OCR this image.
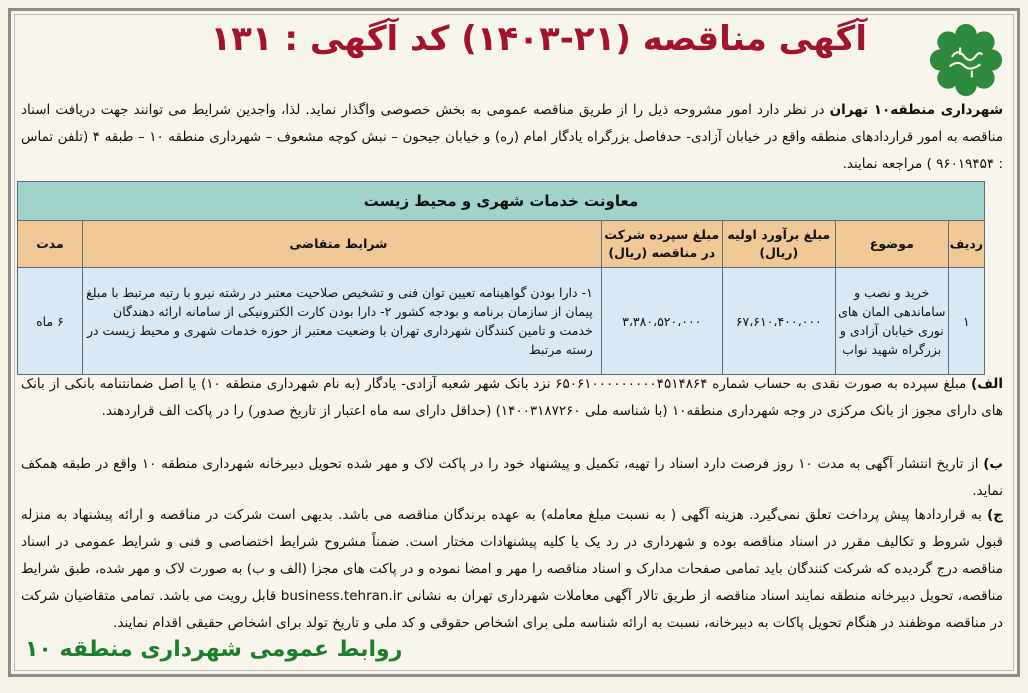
آگهی مناقصه (۲۱-۱۴۰۳) کد آگهی : ۱۳۱
شهرداری منطقه۱۰ تهران در نظر دارد امور مشروحه ذیل را از طریق مناقصه عمومی به بخش خصوصی واگذار نماید. لذا، واجدین شرایط می توانند جهت دریافت اسناد مناقصه به امور قراردادهای منطقه واقع در خیابان آزادی- حدفاصل بزرگراه یادگار امام (ره) و خیابان جیحون – نبش کوچه مشعوف – شهرداری منطقه ۱۰ – طبقه ۴ (تلفن تماس : ۹۶۰۱۹۴۵۴ ) مراجعه نمایند.
معاونت خدمات شهری و محیط زیست					
ردیف	موضوع	مبلغ برآورد اولیه (ریال)	مبلغ سپرده شرکت در مناقصه (ریال)	شرایط متقاضی	مدت
۱	خرید و نصب و ساماندهی المان های نوری خیابان آزادی و بزرگراه شهید نواب	۶۷،۶۱۰،۴۰۰،۰۰۰	۳،۳۸۰،۵۲۰،۰۰۰	۱- دارا بودن گواهینامه تعیین توان فنی و تشخیص صلاحیت معتبر در رشته نیرو با رتبه مرتبط با مبلغ پیمان از سازمان برنامه و بودجه کشور ۲- دارا بودن کارت الکترونیکی از سامانه ارائه دهندگان خدمت و تامین کنندگان شهرداری تهران با وضعیت معتبر از حوزه خدمات شهری و محیط زیست در رسته مرتبط	۶ ماه
الف) مبلغ سپرده به صورت نقدی به حساب شماره ۶۵۰۶۱۰۰۰۰۰۰۰۰۰۴۵۱۴۸۶۴ نزد بانک شهر شعبه آزادی- یادگار (به نام شهرداری منطقه ۱۰) یا اصل ضمانتنامه بانکی از بانک های دارای مجوز از بانک مرکزی در وجه شهرداری منطقه۱۰ (با شناسه ملی ۱۴۰۰۳۱۸۷۲۶۰) (حداقل دارای سه ماه اعتبار از تاریخ صدور) را در پاکت الف قراردهند.
ب) از تاریخ انتشار آگهی به مدت ۱۰ روز فرصت دارد اسناد را تهیه، تکمیل و پیشنهاد خود را در پاکت لاک و مهر شده تحویل دبیرخانه شهرداری منطقه ۱۰ واقع در طبقه همکف نماید.
ج) به قراردادها پیش پرداخت تعلق نمی‌گیرد. هزینه آگهی ( به نسبت مبلغ معامله) به عهده برندگان مناقصه می باشد. بدیهی است شرکت در مناقصه و ارائه پیشنهاد به منزله قبول شروط و تکالیف مقرر در اسناد مناقصه بوده و شهرداری در رد یک یا کلیه پیشنهادات مختار است. ضمناً مشروح شرایط اختصاصی و فنی و شرایط عمومی در اسناد مناقصه درج گردیده که شرکت کنندگان باید تمامی صفحات مدارک و اسناد مناقصه را مهر و امضا نموده و در پاکت های مجزا (الف و ب) به صورت لاک و مهر شده، طبق شرایط مناقصه، تحویل دبیرخانه منطقه نمایند اسناد مناقصه از طریق تالار آگهی معاملات شهرداری تهران به نشانی business.tehran.ir قابل رویت می باشد. تمامی متقاضیان شرکت در مناقصه موظفند در هنگام تحویل پاکات به دبیرخانه، نسبت به ارائه شناسه ملی برای اشخاص حقوقی و کد ملی و تاریخ تولد برای اشخاص حقیقی اقدام نمایند.
روابط عمومی شهرداری منطقه ۱۰
